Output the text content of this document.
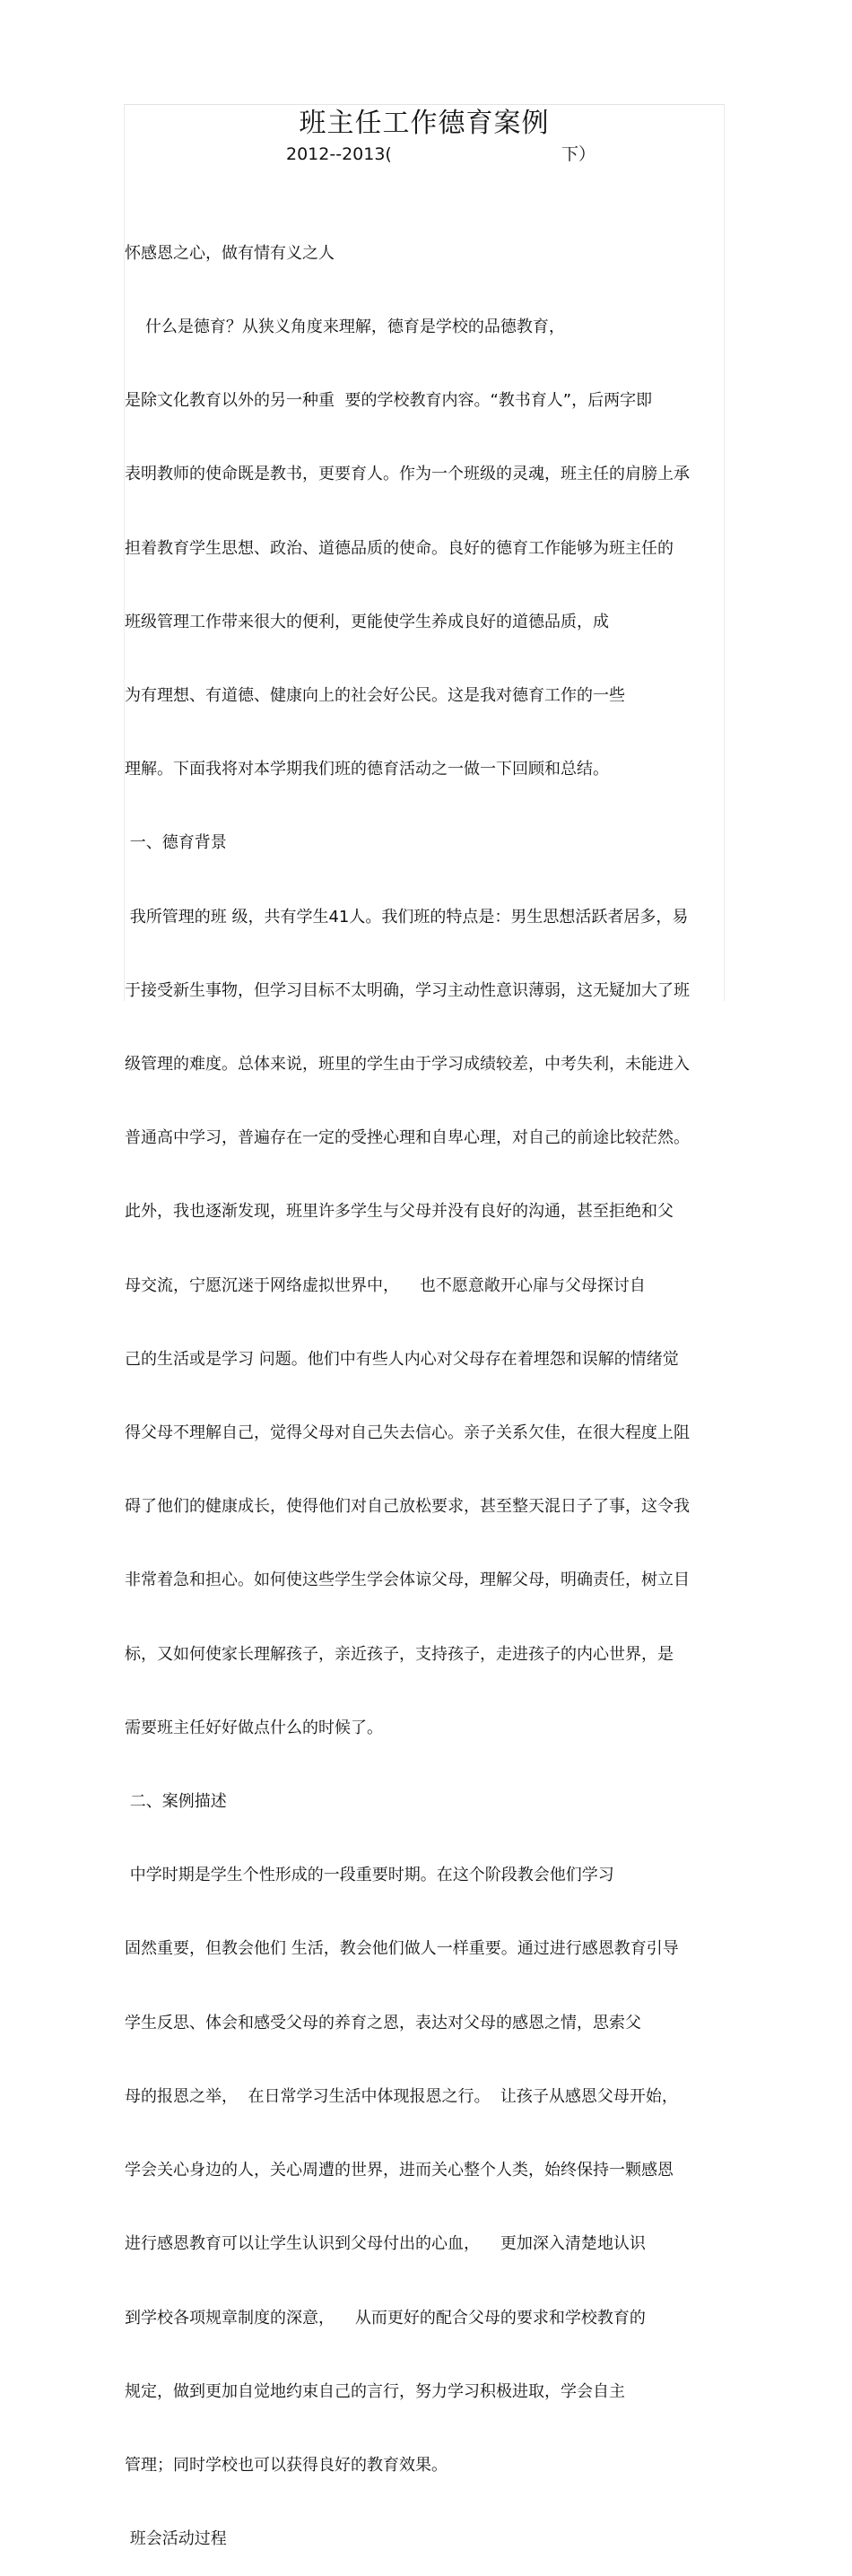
班主任工作德育案例
2012--2013(	下）

怀感恩之心，做有情有义之人

什么是德育？从狭义角度来理解，德育是学校的品德教育，

是除文化教育以外的另一种重  要的学校教育内容。“教书育人”，后两字即

表明教师的使命既是教书，更要育人。作为一个班级的灵魂，班主任的肩膀上承

担着教育学生思想、政治、道德品质的使命。良好的德育工作能够为班主任的

班级管理工作带来很大的便利，更能使学生养成良好的道德品质，成

为有理想、有道德、健康向上的社会好公民。这是我对德育工作的一些

理解。下面我将对本学期我们班的德育活动之一做一下回顾和总结。

一、德育背景

我所管理的班 级，共有学生41人。我们班的特点是：男生思想活跃者居多，易

于接受新生事物，但学习目标不太明确，学习主动性意识薄弱，这无疑加大了班

级管理的难度。总体来说，班里的学生由于学习成绩较差，中考失利，未能进入

普通高中学习，普遍存在一定的受挫心理和自卑心理，对自己的前途比较茫然。

此外，我也逐渐发现，班里许多学生与父母并没有良好的沟通，甚至拒绝和父

母交流，宁愿沉迷于网络虚拟世界中，    也不愿意敞开心扉与父母探讨自

己的生活或是学习 问题。他们中有些人内心对父母存在着埋怨和误解的情绪觉

得父母不理解自己，觉得父母对自己失去信心。亲子关系欠佳，在很大程度上阻

碍了他们的健康成长，使得他们对自己放松要求，甚至整天混日子了事，这令我

非常着急和担心。如何使这些学生学会体谅父母，理解父母，明确责任，树立目

标，又如何使家长理解孩子，亲近孩子，支持孩子，走进孩子的内心世界，是

需要班主任好好做点什么的时候了。

二、案例描述

中学时期是学生个性形成的一段重要时期。在这个阶段教会他们学习

固然重要，但教会他们 生活，教会他们做人一样重要。通过进行感恩教育引导

学生反思、体会和感受父母的养育之恩，表达对父母的感恩之情，思索父

母的报恩之举，  在日常学习生活中体现报恩之行。  让孩子从感恩父母开始，

学会关心身边的人，关心周遭的世界，进而关心整个人类，始终保持一颗感恩

进行感恩教育可以让学生认识到父母付出的心血，    更加深入清楚地认识

到学校各项规章制度的深意，    从而更好的配合父母的要求和学校教育的

规定，做到更加自觉地约束自己的言行，努力学习积极进取，学会自主

管理；同时学校也可以获得良好的教育效果。

班会活动过程
